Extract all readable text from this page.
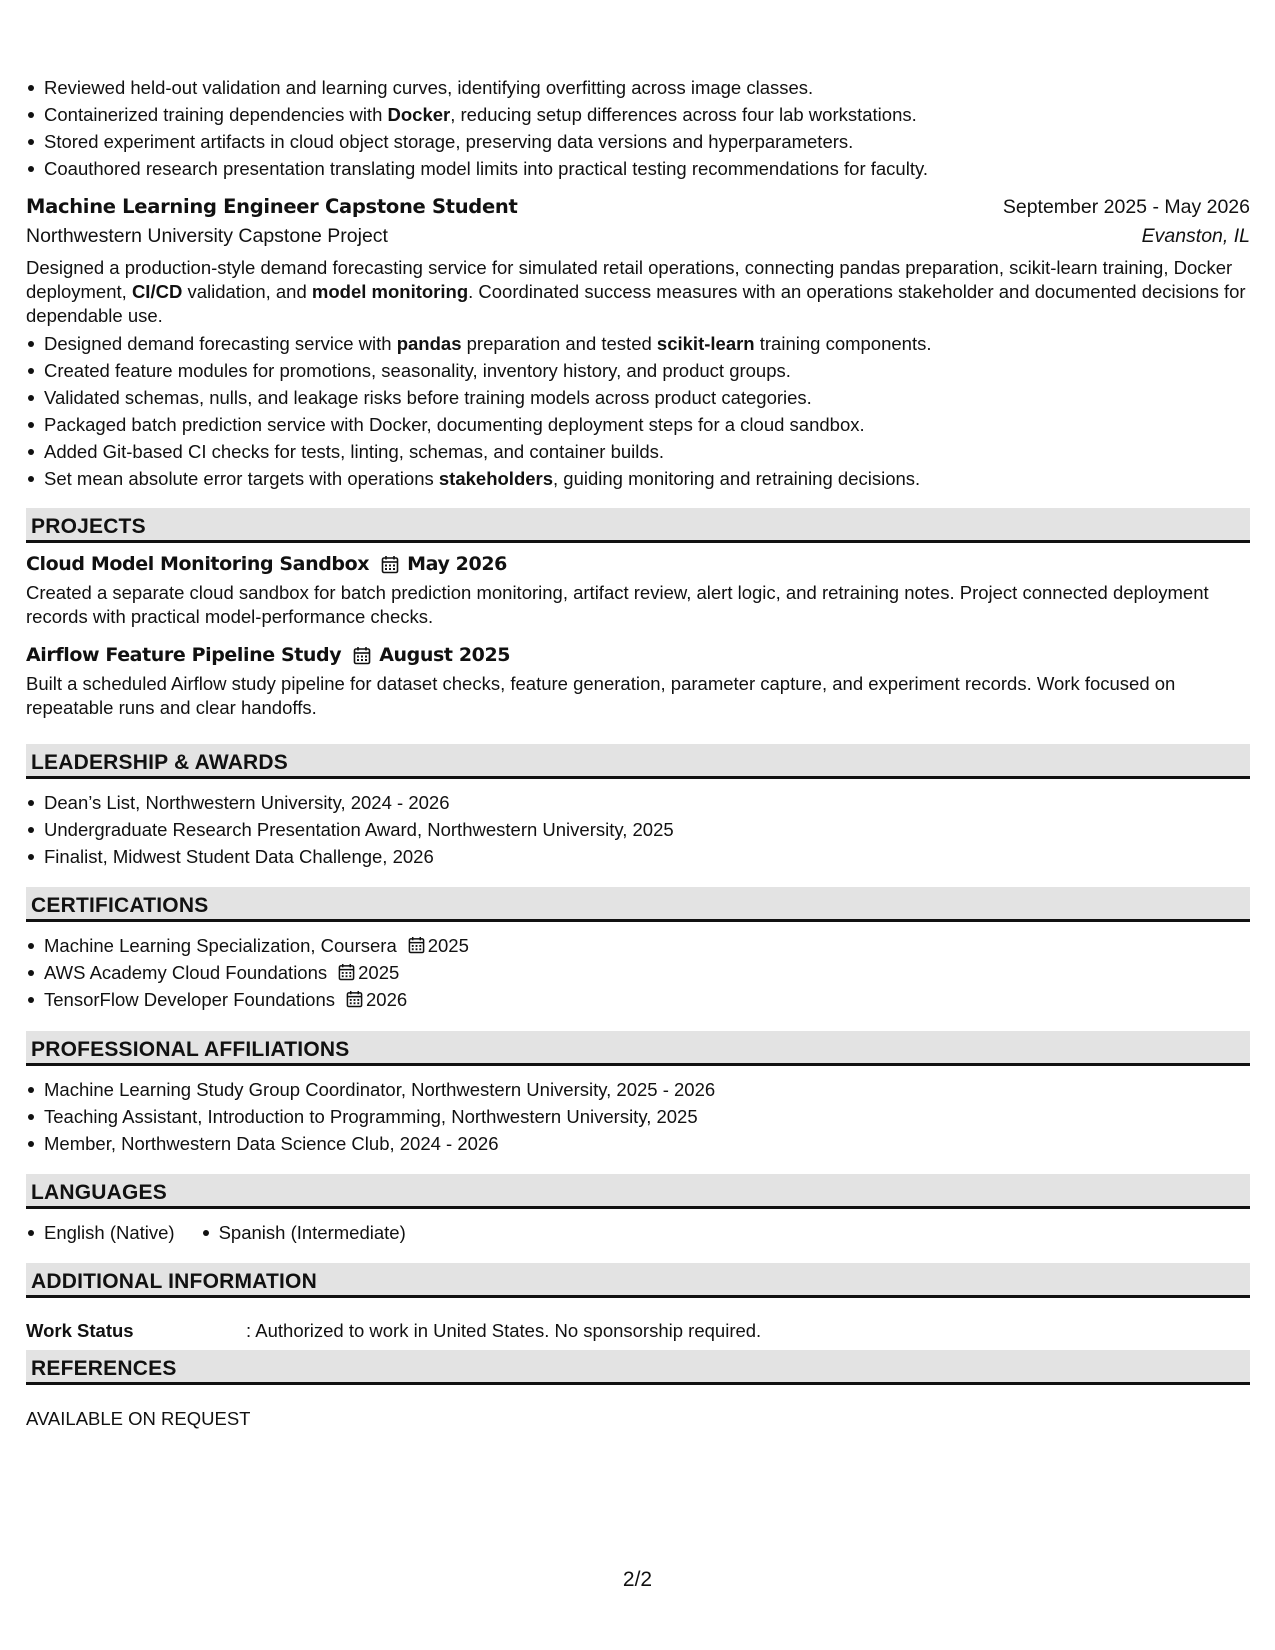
Reviewed held-out validation and learning curves, identifying overfitting across image classes.
Containerized training dependencies with Docker, reducing setup differences across four lab workstations.
Stored experiment artifacts in cloud object storage, preserving data versions and hyperparameters.
Coauthored research presentation translating model limits into practical testing recommendations for faculty.
Machine Learning Engineer Capstone Student	September 2025 - May 2026
Northwestern University Capstone Project	Evanston, IL

Designed a production-style demand forecasting service for simulated retail operations, connecting pandas preparation, scikit-learn training, Docker deployment, CI/CD validation, and model monitoring. Coordinated success measures with an operations stakeholder and documented decisions for dependable use.

Designed demand forecasting service with pandas preparation and tested scikit-learn training components.
Created feature modules for promotions, seasonality, inventory history, and product groups.
Validated schemas, nulls, and leakage risks before training models across product categories.
Packaged batch prediction service with Docker, documenting deployment steps for a cloud sandbox.
Added Git-based CI checks for tests, linting, schemas, and container builds.
Set mean absolute error targets with operations stakeholders, guiding monitoring and retraining decisions.
PROJECTS
Cloud Model Monitoring Sandbox May 2026

Created a separate cloud sandbox for batch prediction monitoring, artifact review, alert logic, and retraining notes. Project connected deployment records with practical model-performance checks.

Airflow Feature Pipeline Study August 2025

Built a scheduled Airflow study pipeline for dataset checks, feature generation, parameter capture, and experiment records. Work focused on repeatable runs and clear handoffs.

LEADERSHIP & AWARDS
Dean’s List, Northwestern University, 2024 - 2026
Undergraduate Research Presentation Award, Northwestern University, 2025
Finalist, Midwest Student Data Challenge, 2026
CERTIFICATIONS
Machine Learning Specialization, Coursera 2025
AWS Academy Cloud Foundations 2025
TensorFlow Developer Foundations 2026
PROFESSIONAL AFFILIATIONS
Machine Learning Study Group Coordinator, Northwestern University, 2025 - 2026
Teaching Assistant, Introduction to Programming, Northwestern University, 2025
Member, Northwestern Data Science Club, 2024 - 2026
LANGUAGES
English (Native)	Spanish (Intermediate)
ADDITIONAL INFORMATION
Work Status	: Authorized to work in United States. No sponsorship required.
REFERENCES
AVAILABLE ON REQUEST
2/2
